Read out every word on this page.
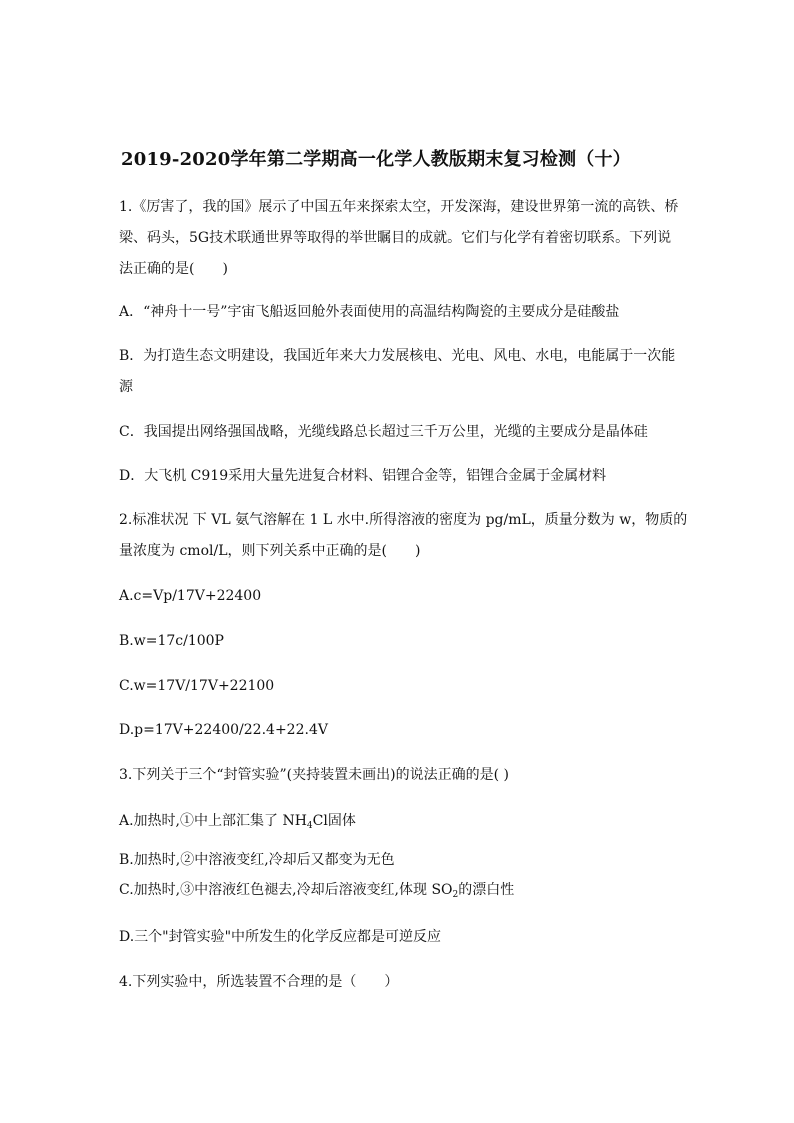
2019-2020学年第二学期高一化学人教版期末复习检测（十）
1.《厉害了，我的国》展示了中国五年来探索太空，开发深海，建设世界第一流的高铁、桥
梁、码头，5G技术联通世界等取得的举世瞩目的成就。它们与化学有着密切联系。下列说
法正确的是(　　)
A．“神舟十一号”宇宙飞船返回舱外表面使用的高温结构陶瓷的主要成分是硅酸盐
B．为打造生态文明建设，我国近年来大力发展核电、光电、风电、水电，电能属于一次能
源
C．我国提出网络强国战略，光缆线路总长超过三千万公里，光缆的主要成分是晶体硅
D．大飞机 C919采用大量先进复合材料、铝锂合金等，铝锂合金属于金属材料
2.标准状况 下 VL 氨气溶解在 1 L 水中.所得溶液的密度为 pg/mL，质量分数为 w，物质的
量浓度为 cmol/L，则下列关系中正确的是(　　)
A.c=Vp/17V+22400
B.w=17c/100P
C.w=17V/17V+22100
D.p=17V+22400/22.4+22.4V
3.下列关于三个“封管实验”(夹持装置未画出)的说法正确的是( )
A.加热时,①中上部汇集了 $NH_4Cl$固体
B.加热时,②中溶液变红,冷却后又都变为无色
C.加热时,③中溶液红色褪去,冷却后溶液变红,体现 $SO_2$的漂白性
D.三个"封管实验"中所发生的化学反应都是可逆反应
4.下列实验中，所选装置不合理的是（　　）
